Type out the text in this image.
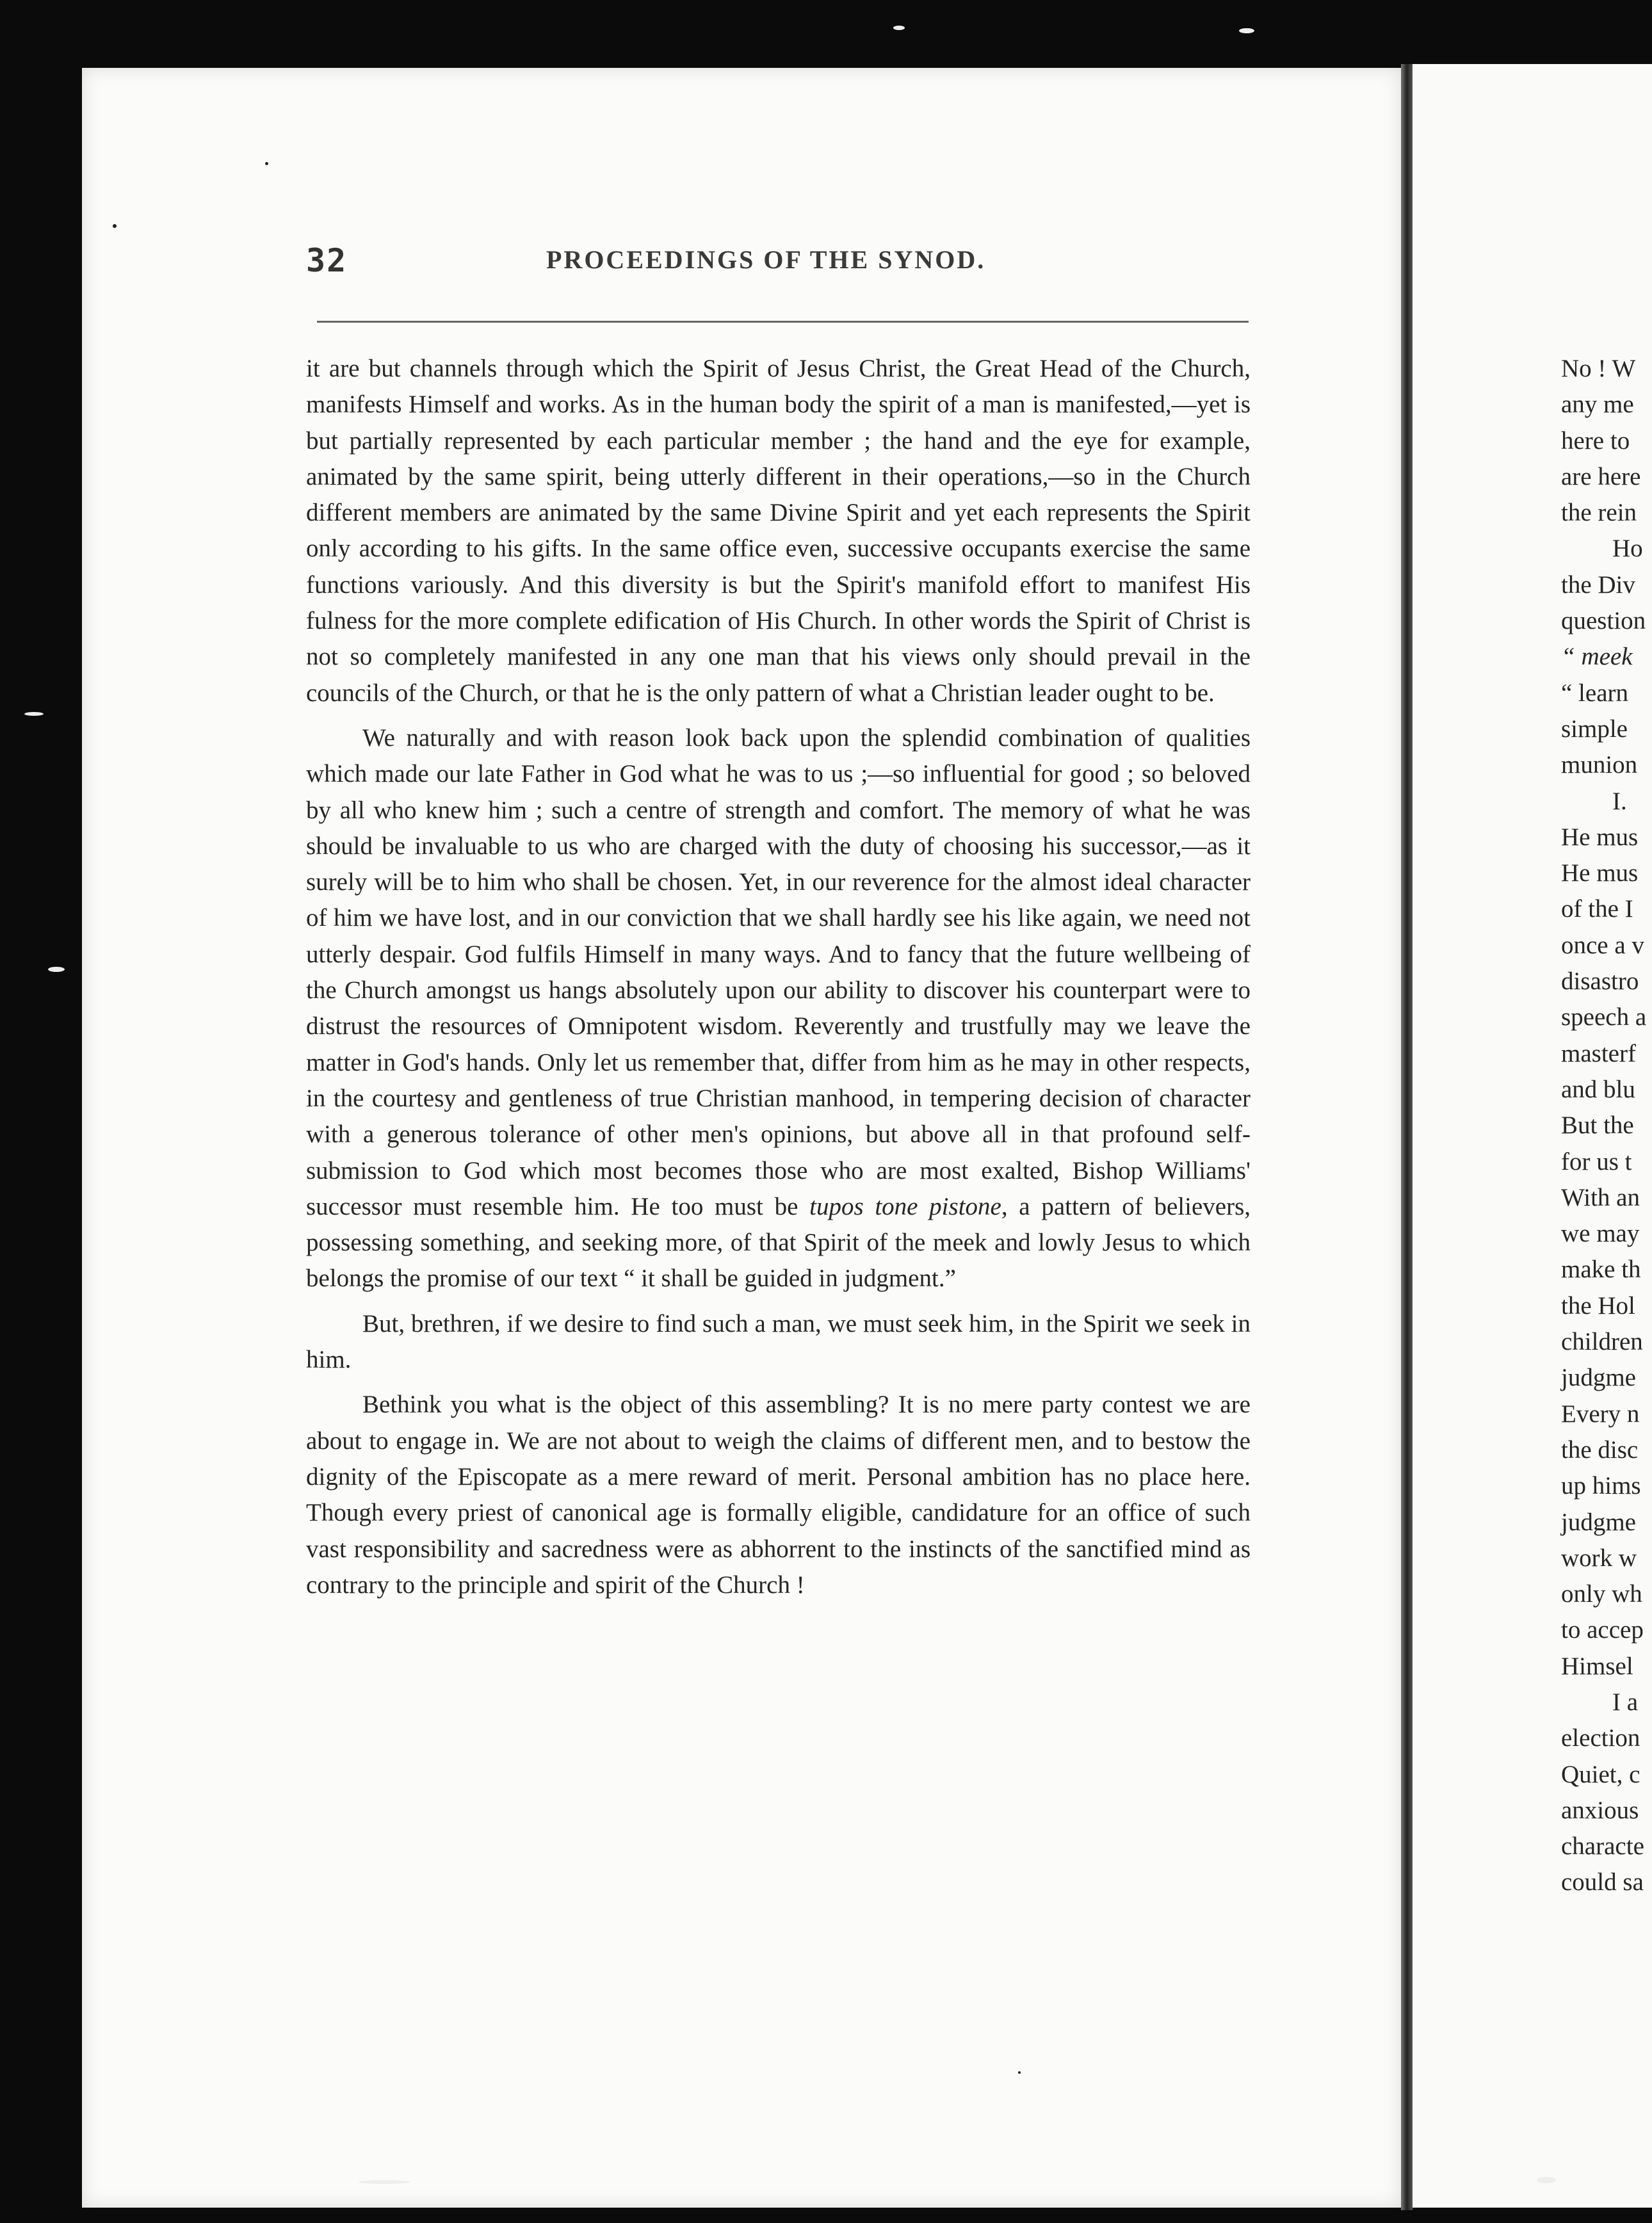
32	PROCEEDINGS OF THE SYNOD.

it are but channels through which the Spirit of Jesus Christ, the Great Head of the Church, manifests Himself and works. As in the human body the spirit of a man is manifested,—yet is but partially represented by each particular member ; the hand and the eye for example, animated by the same spirit, being utterly different in their operations,—so in the Church different members are animated by the same Divine Spirit and yet each represents the Spirit only according to his gifts. In the same office even, successive occupants exercise the same functions variously. And this diversity is but the Spirit's manifold effort to manifest His fulness for the more complete edification of His Church. In other words the Spirit of Christ is not so completely manifested in any one man that his views only should prevail in the councils of the Church, or that he is the only pattern of what a Christian leader ought to be.

We naturally and with reason look back upon the splendid combination of qualities which made our late Father in God what he was to us ;—so influential for good ; so beloved by all who knew him ; such a centre of strength and comfort. The memory of what he was should be invaluable to us who are charged with the duty of choosing his successor,—as it surely will be to him who shall be chosen. Yet, in our reverence for the almost ideal character of him we have lost, and in our conviction that we shall hardly see his like again, we need not utterly despair. God fulfils Himself in many ways. And to fancy that the future wellbeing of the Church amongst us hangs absolutely upon our ability to discover his counterpart were to distrust the resources of Omnipotent wisdom. Reverently and trustfully may we leave the matter in God's hands. Only let us remember that, differ from him as he may in other respects, in the courtesy and gentleness of true Christian manhood, in tempering decision of character with a generous tolerance of other men's opinions, but above all in that profound self-submission to God which most becomes those who are most exalted, Bishop Williams' successor must resemble him. He too must be tupos tone pistone, a pattern of believers, possessing something, and seeking more, of that Spirit of the meek and lowly Jesus to which belongs the promise of our text “ it shall be guided in judgment.”

But, brethren, if we desire to find such a man, we must seek him, in the Spirit we seek in him.

Bethink you what is the object of this assembling? It is no mere party contest we are about to engage in. We are not about to weigh the claims of different men, and to bestow the dignity of the Episcopate as a mere reward of merit. Personal ambition has no place here. Though every priest of canonical age is formally eligible, candidature for an office of such vast responsibility and sacredness were as abhorrent to the instincts of the sanctified mind as contrary to the principle and spirit of the Church !

No ! W
any me
here to
are here
the rein
Ho
the Div
question
“ meek
“ learn
simple
munion
I.
He mus
He mus
of the I
once a v
disastro
speech a
masterf
and blu
But the
for us t
With an
we may
make th
the Hol
children
judgme
Every n
the disc
up hims
judgme
work w
only wh
to accep
Himsel
I a
election
Quiet, c
anxious
characte
could sa
